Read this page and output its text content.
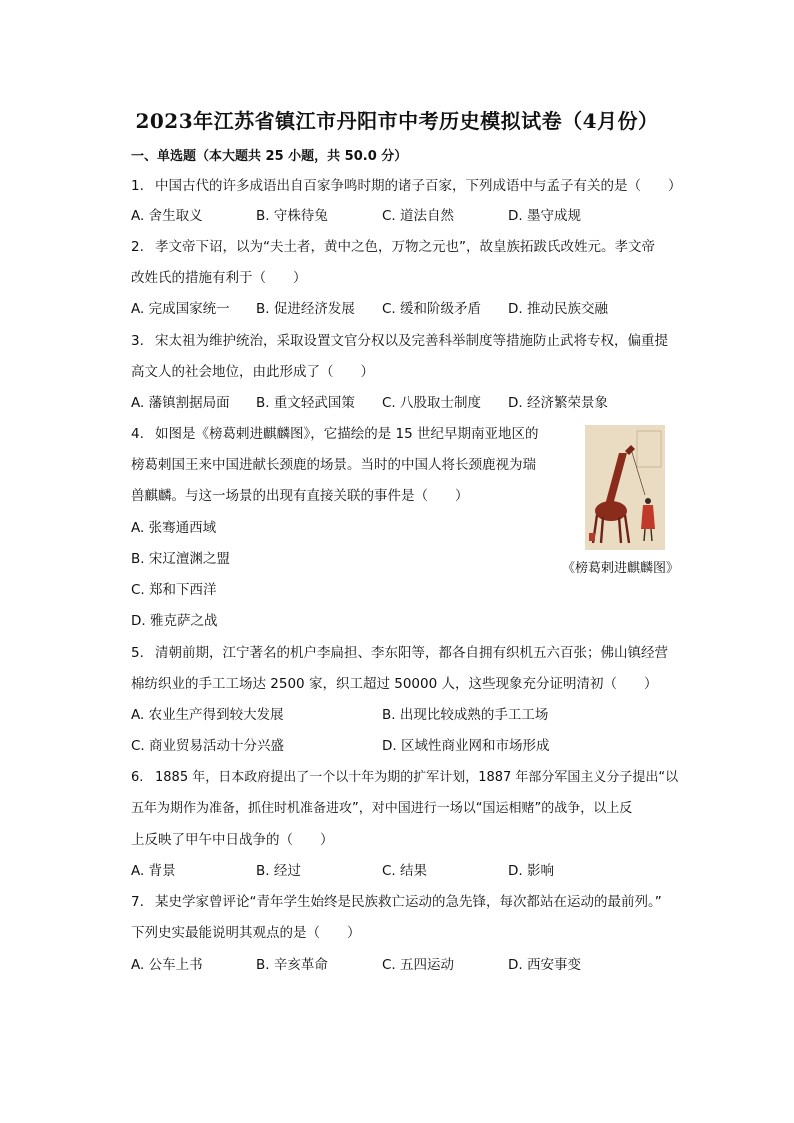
2023年江苏省镇江市丹阳市中考历史模拟试卷（4月份）
一、单选题（本大题共 25 小题，共 50.0 分）
1. 中国古代的许多成语出自百家争鸣时期的诸子百家，下列成语中与孟子有关的是（　　）
A. 舍生取义	B. 守株待兔	C. 道法自然	D. 墨守成规
2. 孝文帝下诏，以为“夫土者，黄中之色，万物之元也”，故皇族拓跋氏改姓元。孝文帝
改姓氏的措施有利于（　　）
A. 完成国家统一 B. 促进经济发展 C. 缓和阶级矛盾 D. 推动民族交融
3. 宋太祖为维护统治，采取设置文官分权以及完善科举制度等措施防止武将专权，偏重提
高文人的社会地位，由此形成了（　　）
A. 藩镇割据局面 B. 重文轻武国策 C. 八股取士制度 D. 经济繁荣景象
4. 如图是《榜葛剌进麒麟图》，它描绘的是 15 世纪早期南亚地区的
榜葛剌国王来中国进献长颈鹿的场景。当时的中国人将长颈鹿视为瑞
兽麒麟。与这一场景的出现有直接关联的事件是（　　）
A. 张骞通西域
B. 宋辽澶渊之盟
C. 郑和下西洋
D. 雅克萨之战
《榜葛剌进麒麟图》
5. 清朝前期，江宁著名的机户李扁担、李东阳等，都各自拥有织机五六百张；佛山镇经营
棉纺织业的手工工场达 2500 家，织工超过 50000 人，这些现象充分证明清初（　　）
A. 农业生产得到较大发展	B. 出现比较成熟的手工工场
C. 商业贸易活动十分兴盛	D. 区域性商业网和市场形成
6. 1885 年，日本政府提出了一个以十年为期的扩军计划，1887 年部分军国主义分子提出“以
五年为期作为准备，抓住时机准备进攻”，对中国进行一场以“国运相赌”的战争，以上反
上反映了甲午中日战争的（　　）
A. 背景	B. 经过	C. 结果	D. 影响
7. 某史学家曾评论“青年学生始终是民族救亡运动的急先锋，每次都站在运动的最前列。”
下列史实最能说明其观点的是（　　）
A. 公车上书	B. 辛亥革命	C. 五四运动	D. 西安事变
